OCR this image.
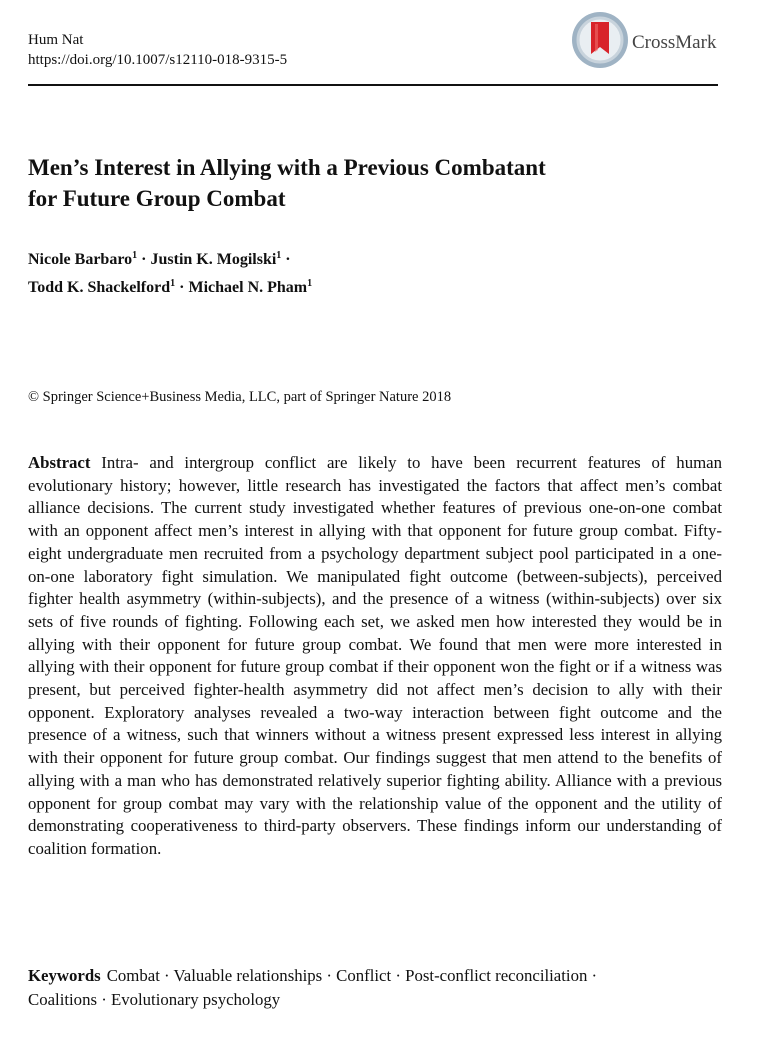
Hum Nat
https://doi.org/10.1007/s12110-018-9315-5
CrossMark
Men’s Interest in Allying with a Previous Combatant
for Future Group Combat
Nicole Barbaro$^1$ · Justin K. Mogilski$^1$ ·
Todd K. Shackelford$^1$ · Michael N. Pham$^1$
© Springer Science+Business Media, LLC, part of Springer Nature 2018
Abstract Intra- and intergroup conflict are likely to have been recurrent features of human evolutionary history; however, little research has investigated the factors that affect men’s combat alliance decisions. The current study investigated whether features of previous one-on-one combat with an opponent affect men’s interest in allying with that opponent for future group combat. Fifty-eight undergraduate men recruited from a psychology department subject pool participated in a one-on-one laboratory fight simulation. We manipulated fight outcome (between-subjects), perceived fighter health asymmetry (within-subjects), and the presence of a witness (within-subjects) over six sets of five rounds of fighting. Following each set, we asked men how interested they would be in allying with their opponent for future group combat. We found that men were more interested in allying with their opponent for future group combat if their opponent won the fight or if a witness was present, but perceived fighter-health asymmetry did not affect men’s decision to ally with their opponent. Exploratory analyses revealed a two-way interaction between fight outcome and the presence of a witness, such that winners without a witness present expressed less interest in allying with their opponent for future group combat. Our findings suggest that men attend to the benefits of allying with a man who has demonstrated relatively superior fighting ability. Alliance with a previous opponent for group combat may vary with the relationship value of the opponent and the utility of demonstrating cooperativeness to third-party observers. These findings inform our understanding of coalition formation.
Keywords Combat · Valuable relationships · Conflict · Post-conflict reconciliation ·
Coalitions · Evolutionary psychology
